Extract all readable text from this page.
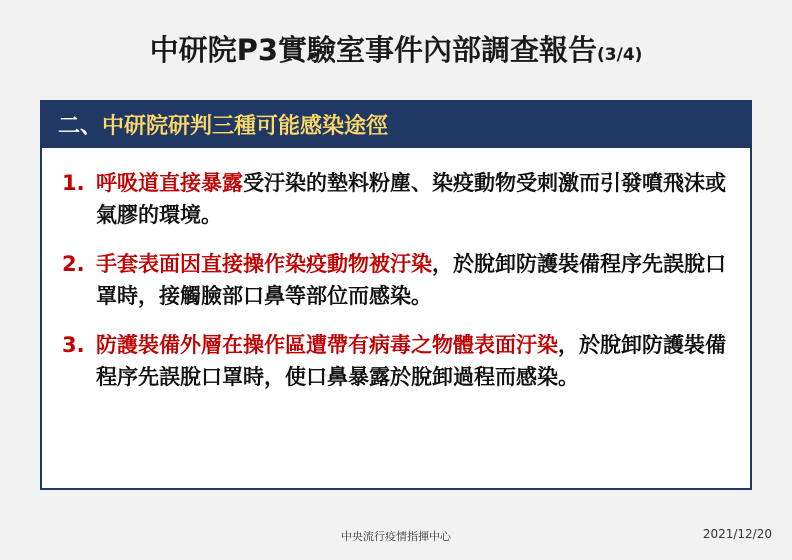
中研院P3實驗室事件內部調查報告(3/4)
二、 中研院研判三種可能感染途徑
1. 呼吸道直接暴露受汙染的墊料粉塵、染疫動物受刺激而引發噴飛沫或氣膠的環境。
2. 手套表面因直接操作染疫動物被汙染，於脫卸防護裝備程序先誤脫口罩時，接觸臉部口鼻等部位而感染。
3. 防護裝備外層在操作區遭帶有病毒之物體表面汙染，於脫卸防護裝備程序先誤脫口罩時，使口鼻暴露於脫卸過程而感染。
中央流行疫情指揮中心	2021/12/20
